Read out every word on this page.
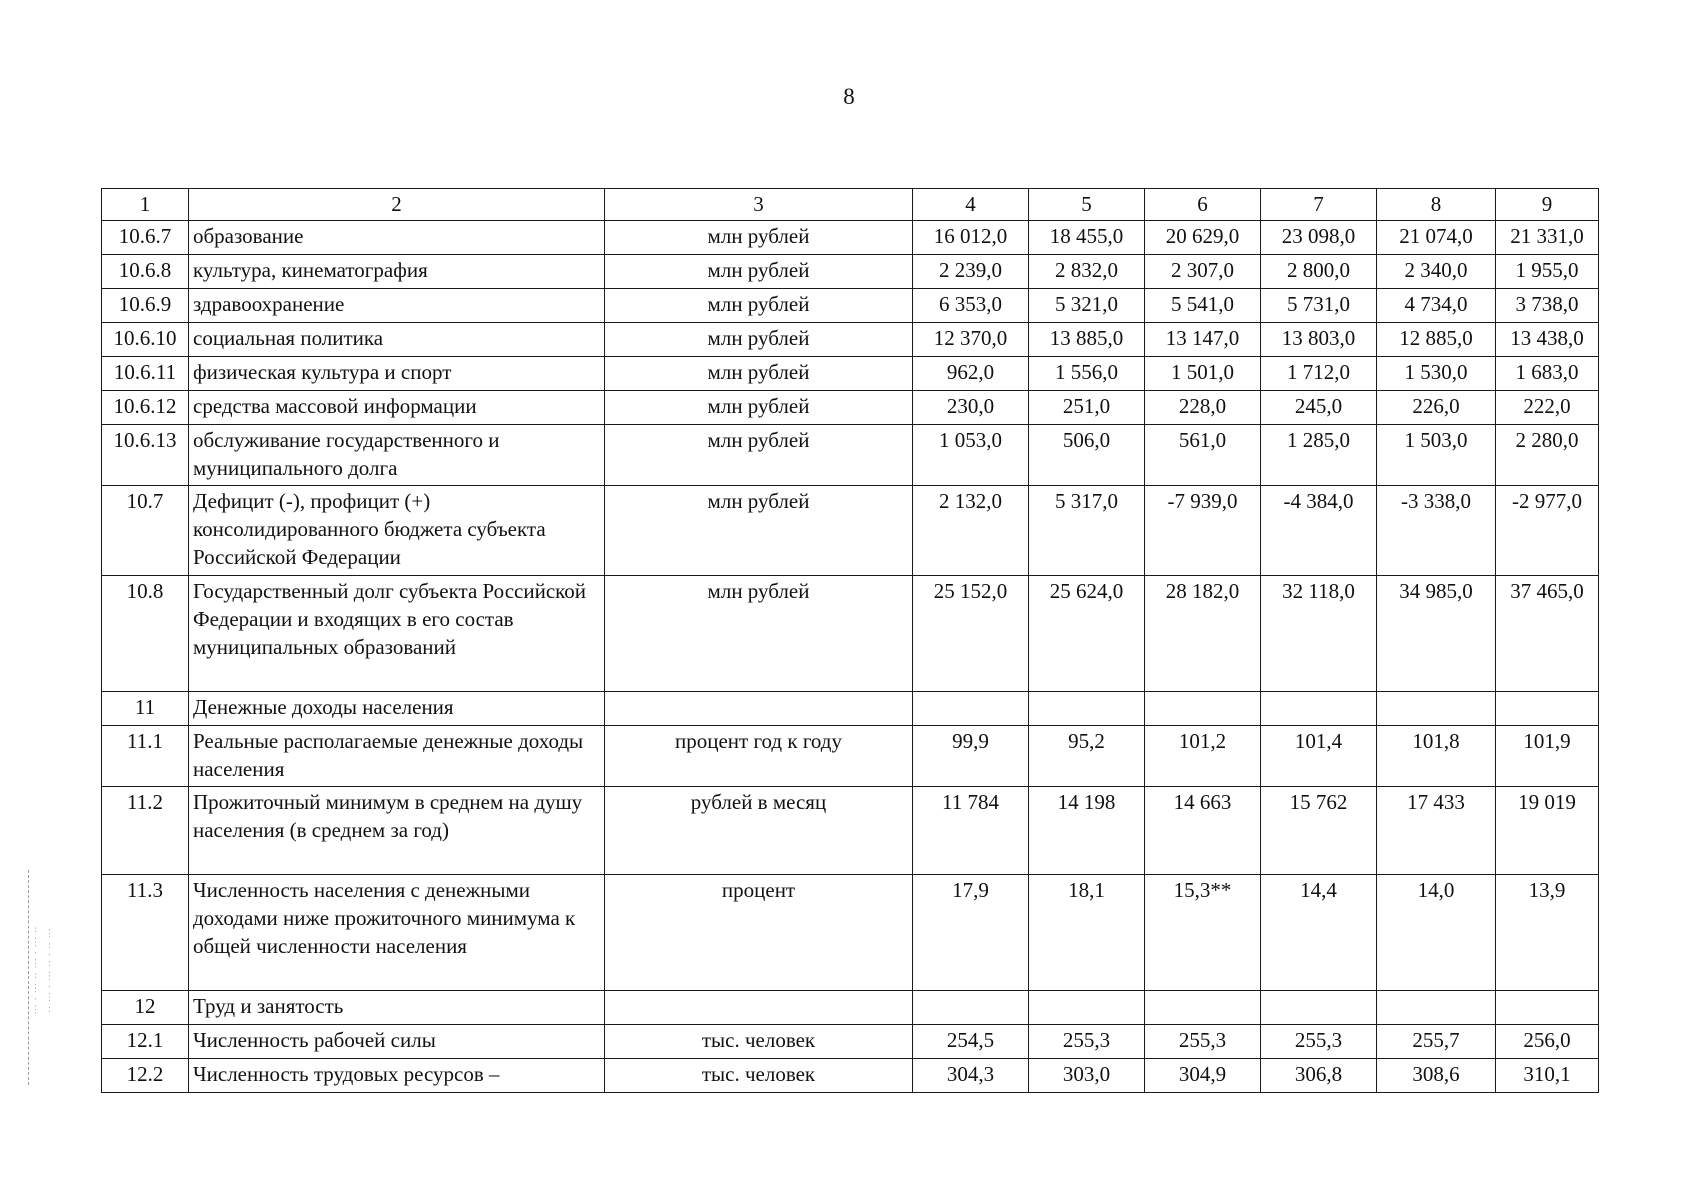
8
1	2	3	4	5	6	7	8	9
10.6.7	образование	млн рублей	16 012,0	18 455,0	20 629,0	23 098,0	21 074,0	21 331,0
10.6.8	культура, кинематография	млн рублей	2 239,0	2 832,0	2 307,0	2 800,0	2 340,0	1 955,0
10.6.9	здравоохранение	млн рублей	6 353,0	5 321,0	5 541,0	5 731,0	4 734,0	3 738,0
10.6.10	социальная политика	млн рублей	12 370,0	13 885,0	13 147,0	13 803,0	12 885,0	13 438,0
10.6.11	физическая культура и спорт	млн рублей	962,0	1 556,0	1 501,0	1 712,0	1 530,0	1 683,0
10.6.12	средства массовой информации	млн рублей	230,0	251,0	228,0	245,0	226,0	222,0
10.6.13	обслуживание государственного и муниципального долга	млн рублей	1 053,0	506,0	561,0	1 285,0	1 503,0	2 280,0
10.7	Дефицит (-), профицит (+) консолидированного бюджета субъекта Российской Федерации	млн рублей	2 132,0	5 317,0	-7 939,0	-4 384,0	-3 338,0	-2 977,0
10.8	Государственный долг субъекта Российской Федерации и входящих в его состав муниципальных образований	млн рублей	25 152,0	25 624,0	28 182,0	32 118,0	34 985,0	37 465,0
11	Денежные доходы населения							
11.1	Реальные располагаемые денежные доходы населения	процент год к году	99,9	95,2	101,2	101,4	101,8	101,9
11.2	Прожиточный минимум в среднем на душу населения (в среднем за год)	рублей в месяц	11 784	14 198	14 663	15 762	17 433	19 019
11.3	Численность населения с денежными доходами ниже прожиточного минимума к общей численности населения	процент	17,9	18,1	15,3**	14,4	14,0	13,9
12	Труд и занятость							
12.1	Численность рабочей силы	тыс. человек	254,5	255,3	255,3	255,3	255,7	256,0
12.2	Численность трудовых ресурсов –	тыс. человек	304,3	303,0	304,9	306,8	308,6	310,1
··· · ··· ·· ··· · ··· ·· ·· ··· · ··· ·· · ·· ···
